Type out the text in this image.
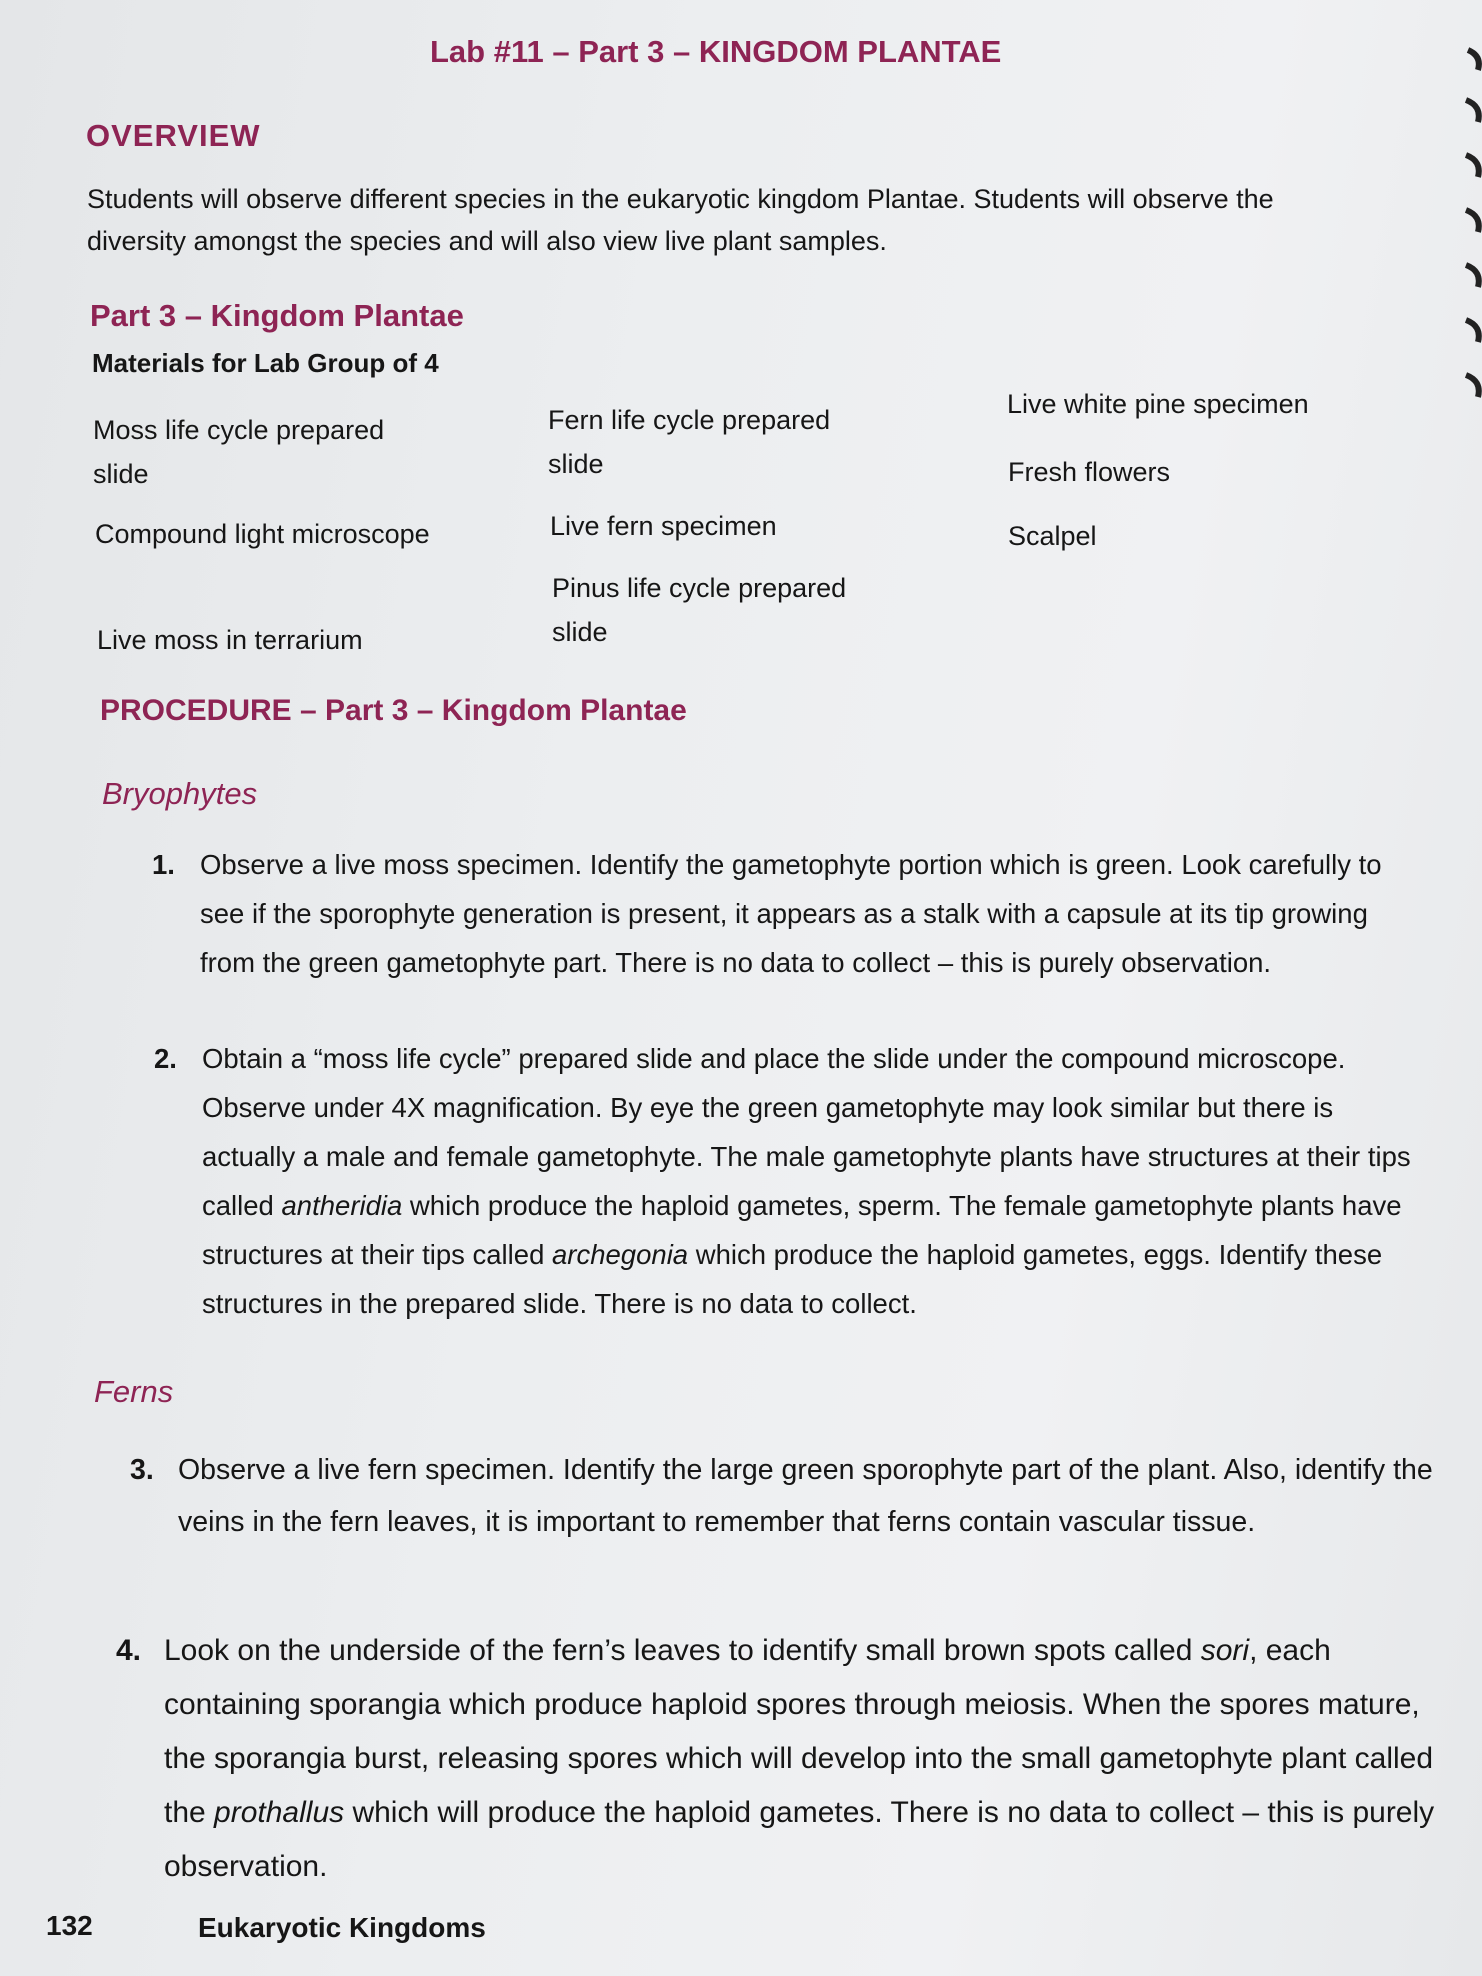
Lab #11 – Part 3 – KINGDOM PLANTAE
OVERVIEW
Students will observe different species in the eukaryotic kingdom Plantae. Students will observe the diversity amongst the species and will also view live plant samples.
Part 3 – Kingdom Plantae
Materials for Lab Group of 4
Moss life cycle prepared slide
Compound light microscope
Live moss in terrarium
Fern life cycle prepared slide
Live fern specimen
Pinus life cycle prepared slide
Live white pine specimen
Fresh flowers
Scalpel
PROCEDURE – Part 3 – Kingdom Plantae
Bryophytes
1. Observe a live moss specimen. Identify the gametophyte portion which is green. Look carefully to see if the sporophyte generation is present, it appears as a stalk with a capsule at its tip growing from the green gametophyte part. There is no data to collect – this is purely observation.
2. Obtain a “moss life cycle” prepared slide and place the slide under the compound microscope. Observe under 4X magnification. By eye the green gametophyte may look similar but there is actually a male and female gametophyte. The male gametophyte plants have structures at their tips called antheridia which produce the haploid gametes, sperm. The female gametophyte plants have structures at their tips called archegonia which produce the haploid gametes, eggs. Identify these structures in the prepared slide. There is no data to collect.
Ferns
3. Observe a live fern specimen. Identify the large green sporophyte part of the plant. Also, identify the veins in the fern leaves, it is important to remember that ferns contain vascular tissue.
4. Look on the underside of the fern’s leaves to identify small brown spots called sori, each containing sporangia which produce haploid spores through meiosis. When the spores mature, the sporangia burst, releasing spores which will develop into the small gametophyte plant called the prothallus which will produce the haploid gametes. There is no data to collect – this is purely observation.
132	Eukaryotic Kingdoms
